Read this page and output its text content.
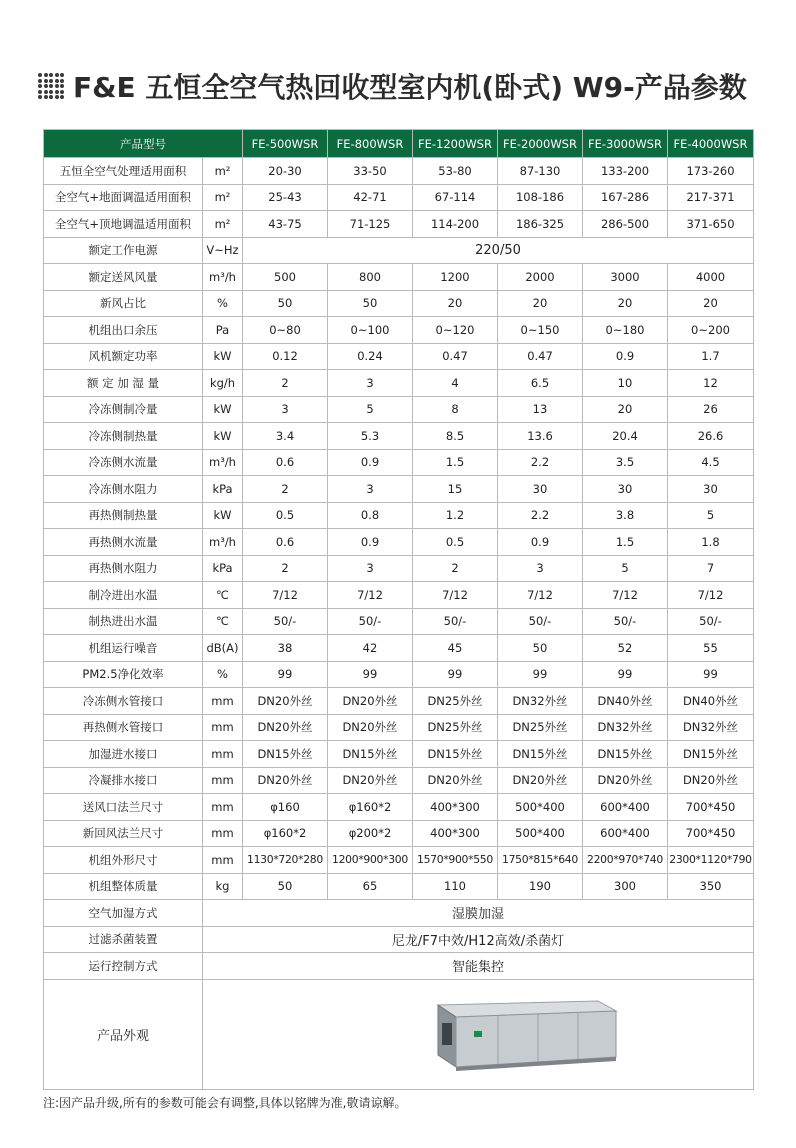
F&E 五恒全空气热回收型室内机(卧式) W9-产品参数
产品型号		FE-500WSR	FE-800WSR	FE-1200WSR	FE-2000WSR	FE-3000WSR	FE-4000WSR
五恒全空气处理适用面积	m²	20-30	33-50	53-80	87-130	133-200	173-260
全空气+地面调温适用面积	m²	25-43	42-71	67-114	108-186	167-286	217-371
全空气+顶地调温适用面积	m²	43-75	71-125	114-200	186-325	286-500	371-650
额定工作电源	V~Hz	220/50					
额定送风风量	m³/h	500	800	1200	2000	3000	4000
新风占比	%	50	50	20	20	20	20
机组出口余压	Pa	0~80	0~100	0~120	0~150	0~180	0~200
风机额定功率	kW	0.12	0.24	0.47	0.47	0.9	1.7
额 定 加 湿 量	kg/h	2	3	4	6.5	10	12
冷冻侧制冷量	kW	3	5	8	13	20	26
冷冻侧制热量	kW	3.4	5.3	8.5	13.6	20.4	26.6
冷冻侧水流量	m³/h	0.6	0.9	1.5	2.2	3.5	4.5
冷冻侧水阻力	kPa	2	3	15	30	30	30
再热侧制热量	kW	0.5	0.8	1.2	2.2	3.8	5
再热侧水流量	m³/h	0.6	0.9	0.5	0.9	1.5	1.8
再热侧水阻力	kPa	2	3	2	3	5	7
制冷进出水温	℃	7/12	7/12	7/12	7/12	7/12	7/12
制热进出水温	℃	50/-	50/-	50/-	50/-	50/-	50/-
机组运行噪音	dB(A)	38	42	45	50	52	55
PM2.5净化效率	%	99	99	99	99	99	99
冷冻侧水管接口	mm	DN20外丝	DN20外丝	DN25外丝	DN32外丝	DN40外丝	DN40外丝
再热侧水管接口	mm	DN20外丝	DN20外丝	DN25外丝	DN25外丝	DN32外丝	DN32外丝
加湿进水接口	mm	DN15外丝	DN15外丝	DN15外丝	DN15外丝	DN15外丝	DN15外丝
冷凝排水接口	mm	DN20外丝	DN20外丝	DN20外丝	DN20外丝	DN20外丝	DN20外丝
送风口法兰尺寸	mm	φ160	φ160*2	400*300	500*400	600*400	700*450
新回风法兰尺寸	mm	φ160*2	φ200*2	400*300	500*400	600*400	700*450
机组外形尺寸	mm	1130*720*280	1200*900*300	1570*900*550	1750*815*640	2200*970*740	2300*1120*790
机组整体质量	kg	50	65	110	190	300	350
空气加湿方式	湿膜加湿						
过滤杀菌装置	尼龙/F7中效/H12高效/杀菌灯						
运行控制方式	智能集控						
产品外观	
注:因产品升级,所有的参数可能会有调整,具体以铭牌为准,敬请谅解。
